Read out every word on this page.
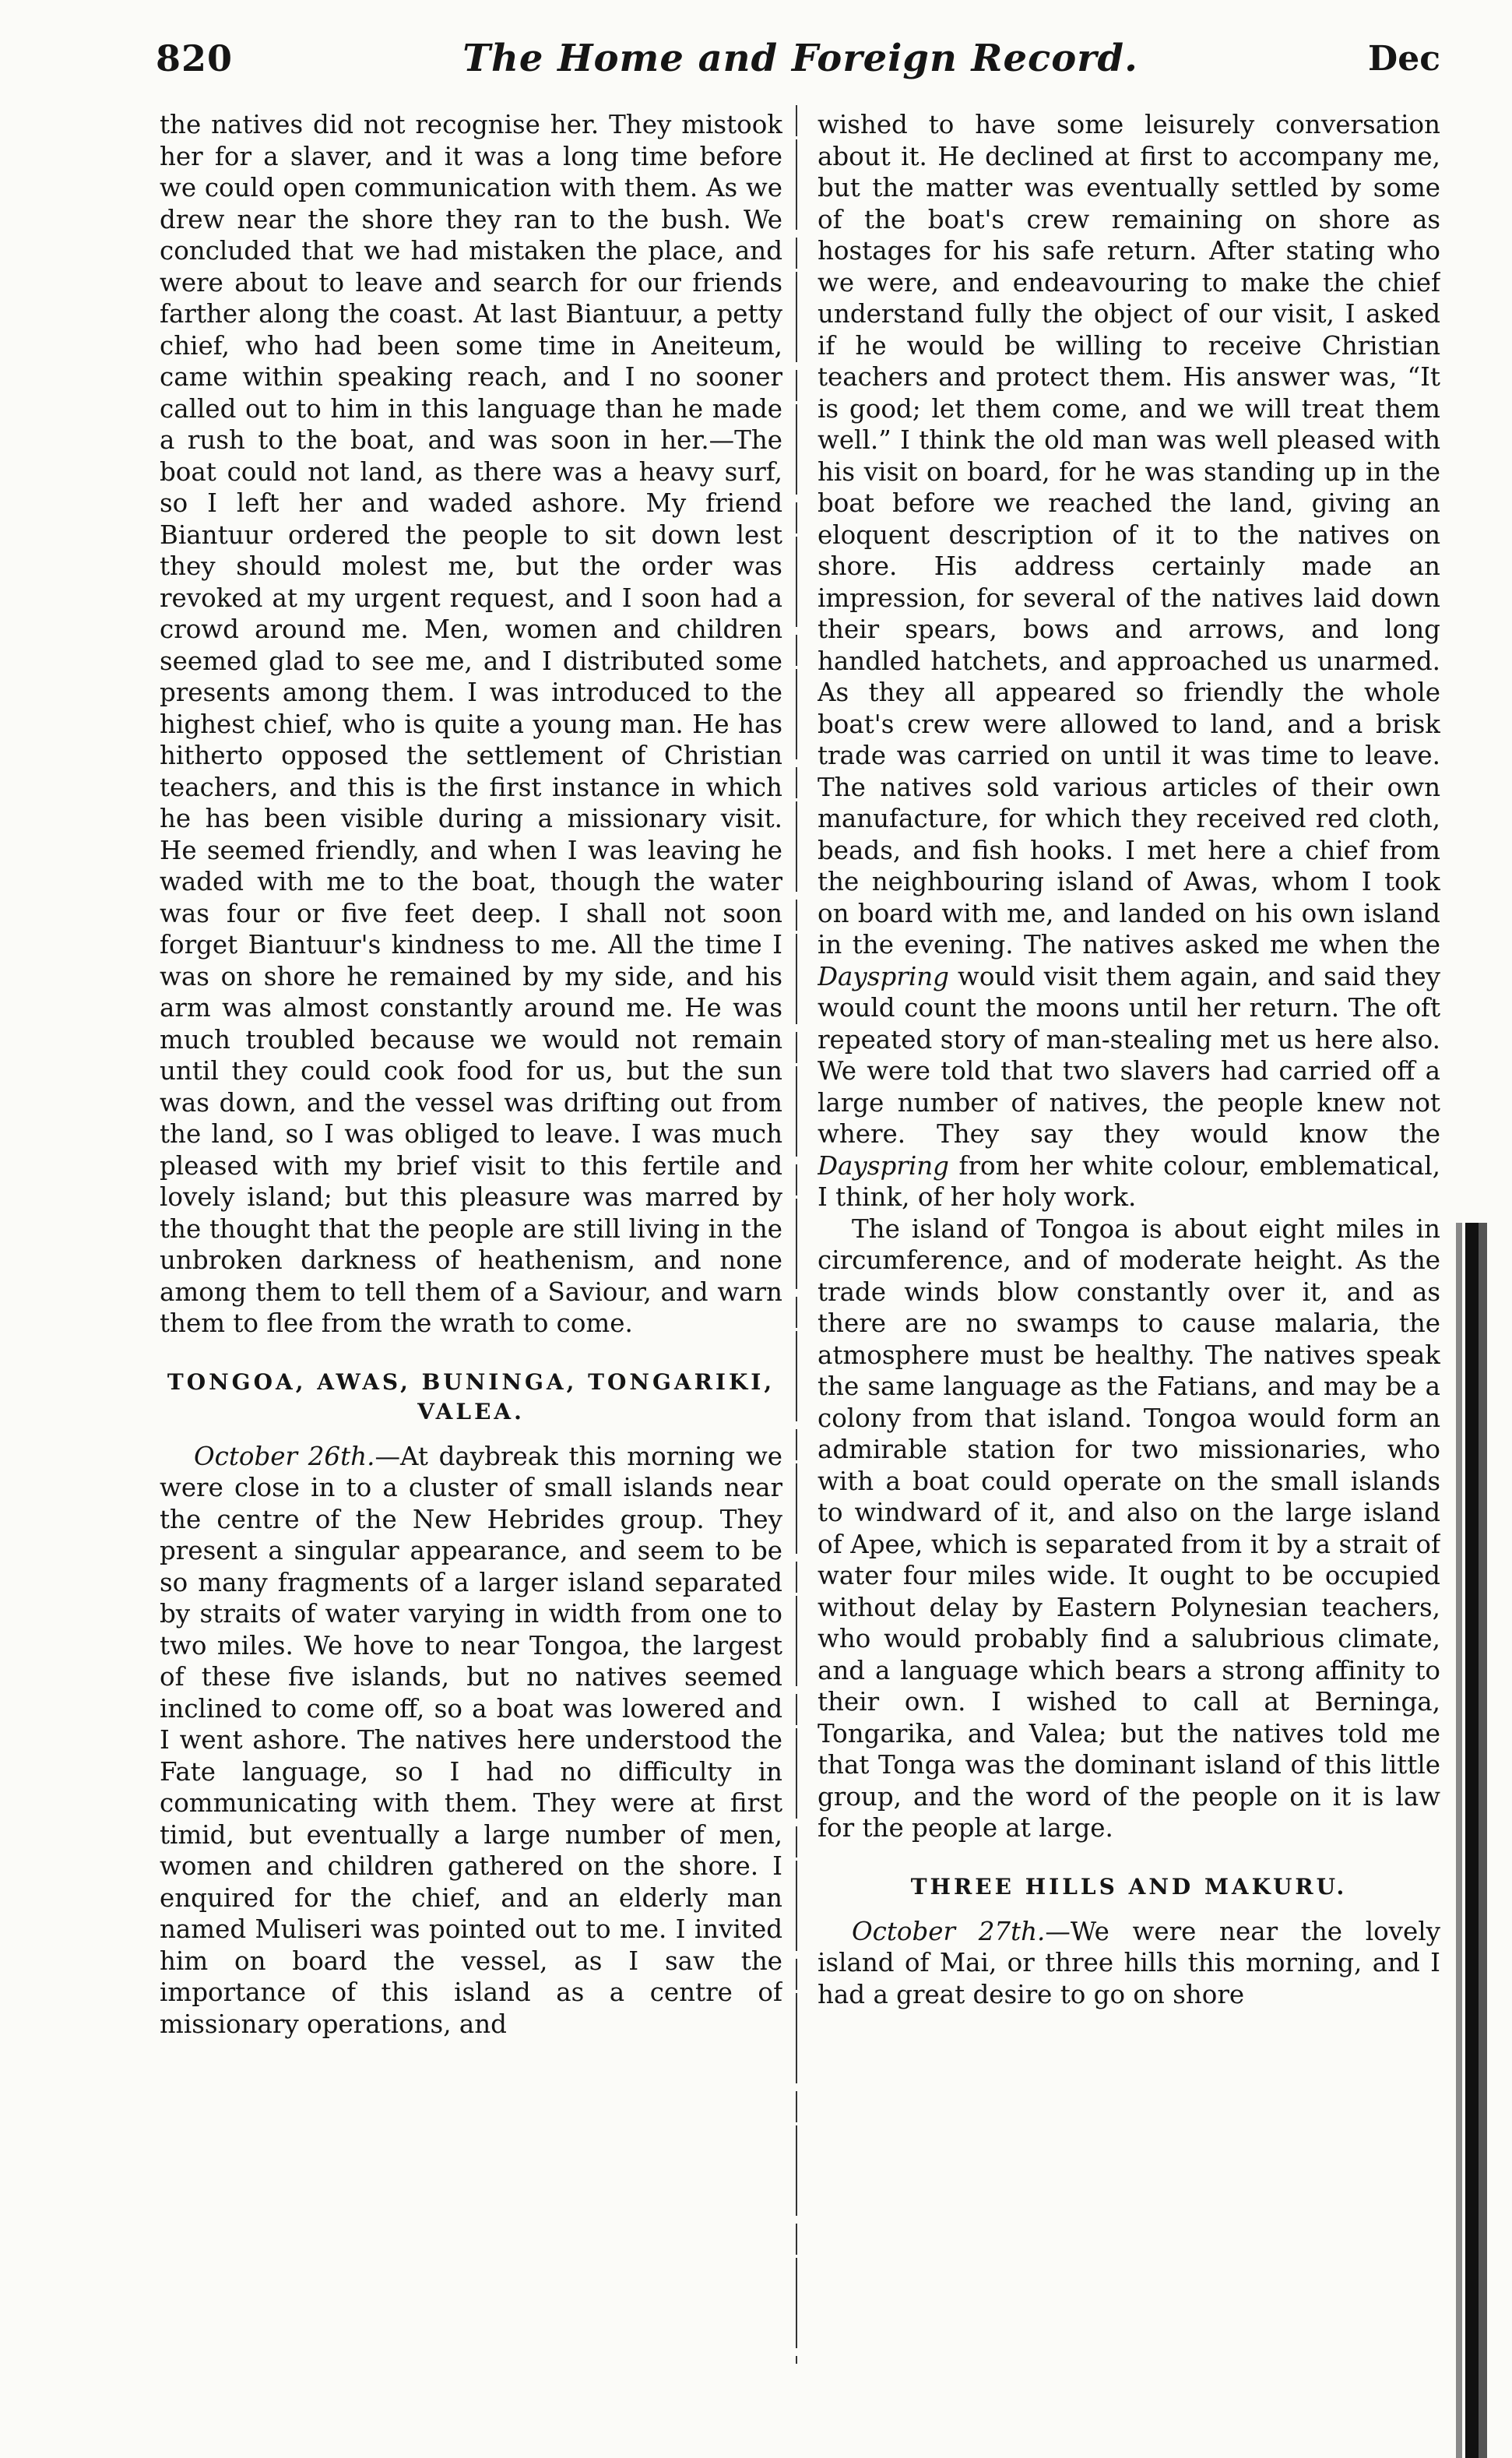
820	The Home and Foreign Record.	Dec

the natives did not recognise her. They mistook her for a slaver, and it was a long time before we could open communication with them. As we drew near the shore they ran to the bush. We concluded that we had mistaken the place, and were about to leave and search for our friends farther along the coast. At last Biantuur, a petty chief, who had been some time in Aneiteum, came within speaking reach, and I no sooner called out to him in this language than he made a rush to the boat, and was soon in her.—The boat could not land, as there was a heavy surf, so I left her and waded ashore. My friend Biantuur ordered the people to sit down lest they should molest me, but the order was revoked at my urgent request, and I soon had a crowd around me. Men, women and children seemed glad to see me, and I distributed some presents among them. I was introduced to the highest chief, who is quite a young man. He has hitherto opposed the settlement of Christian teachers, and this is the first instance in which he has been visible during a missionary visit. He seemed friendly, and when I was leaving he waded with me to the boat, though the water was four or five feet deep. I shall not soon forget Biantuur's kindness to me. All the time I was on shore he remained by my side, and his arm was almost constantly around me. He was much troubled because we would not remain until they could cook food for us, but the sun was down, and the vessel was drifting out from the land, so I was obliged to leave. I was much pleased with my brief visit to this fertile and lovely island; but this pleasure was marred by the thought that the people are still living in the unbroken darkness of heathenism, and none among them to tell them of a Saviour, and warn them to flee from the wrath to come.

TONGOA, AWAS, BUNINGA, TONGARIKI, VALEA.

October 26th.—At daybreak this morning we were close in to a cluster of small islands near the centre of the New Hebrides group. They present a singular appearance, and seem to be so many fragments of a larger island separated by straits of water varying in width from one to two miles. We hove to near Tongoa, the largest of these five islands, but no natives seemed inclined to come off, so a boat was lowered and I went ashore. The natives here understood the Fate language, so I had no difficulty in communicating with them. They were at first timid, but eventually a large number of men, women and children gathered on the shore. I enquired for the chief, and an elderly man named Muliseri was pointed out to me. I invited him on board the vessel, as I saw the importance of this island as a centre of missionary operations, and

wished to have some leisurely conversation about it. He declined at first to accompany me, but the matter was eventually settled by some of the boat's crew remaining on shore as hostages for his safe return. After stating who we were, and endeavouring to make the chief understand fully the object of our visit, I asked if he would be willing to receive Christian teachers and protect them. His answer was, “It is good; let them come, and we will treat them well.” I think the old man was well pleased with his visit on board, for he was standing up in the boat before we reached the land, giving an eloquent description of it to the natives on shore. His address certainly made an impression, for several of the natives laid down their spears, bows and arrows, and long handled hatchets, and approached us unarmed. As they all appeared so friendly the whole boat's crew were allowed to land, and a brisk trade was carried on until it was time to leave. The natives sold various articles of their own manufacture, for which they received red cloth, beads, and fish hooks. I met here a chief from the neighbouring island of Awas, whom I took on board with me, and landed on his own island in the evening. The natives asked me when the Dayspring would visit them again, and said they would count the moons until her return. The oft repeated story of man-stealing met us here also. We were told that two slavers had carried off a large number of natives, the people knew not where. They say they would know the Dayspring from her white colour, emblematical, I think, of her holy work.

The island of Tongoa is about eight miles in circumference, and of moderate height. As the trade winds blow constantly over it, and as there are no swamps to cause malaria, the atmosphere must be healthy. The natives speak the same language as the Fatians, and may be a colony from that island. Tongoa would form an admirable station for two missionaries, who with a boat could operate on the small islands to windward of it, and also on the large island of Apee, which is separated from it by a strait of water four miles wide. It ought to be occupied without delay by Eastern Polynesian teachers, who would probably find a salubrious climate, and a language which bears a strong affinity to their own. I wished to call at Berninga, Tongarika, and Valea; but the natives told me that Tonga was the dominant island of this little group, and the word of the people on it is law for the people at large.

THREE HILLS AND MAKURU.

October 27th.—We were near the lovely island of Mai, or three hills this morning, and I had a great desire to go on shore
